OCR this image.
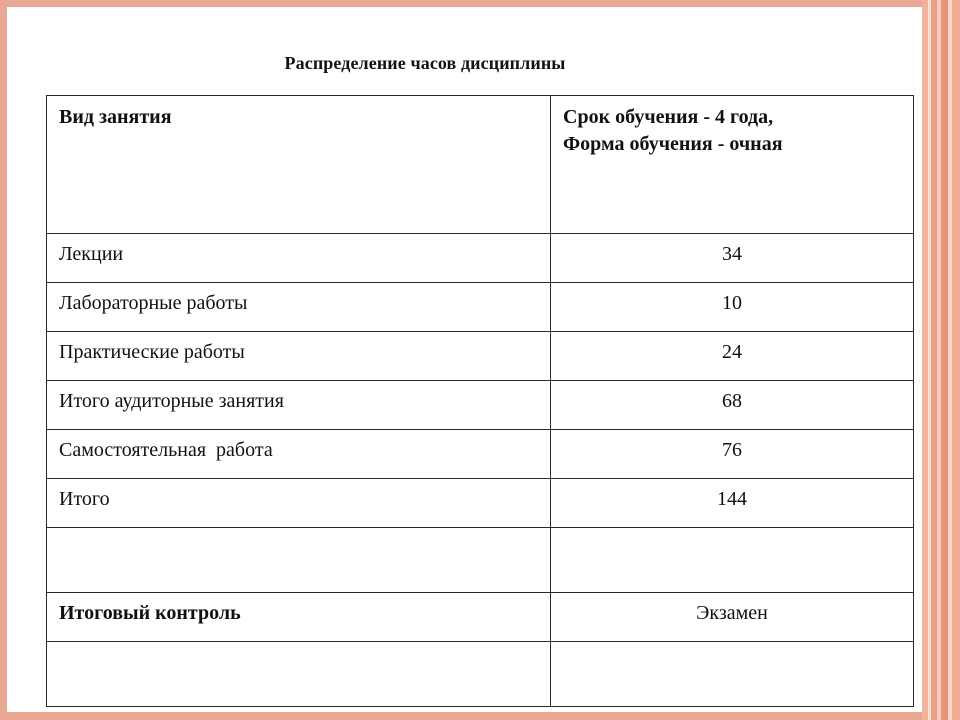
Распределение часов дисциплины
Вид занятия	Срок обучения - 4 года,
Форма обучения - очная

Лекции	34
Лабораторные работы	10
Практические работы	24
Итого аудиторные занятия	68
Самостоятельная  работа	76
Итого	144

Итоговый контроль	Экзамен
